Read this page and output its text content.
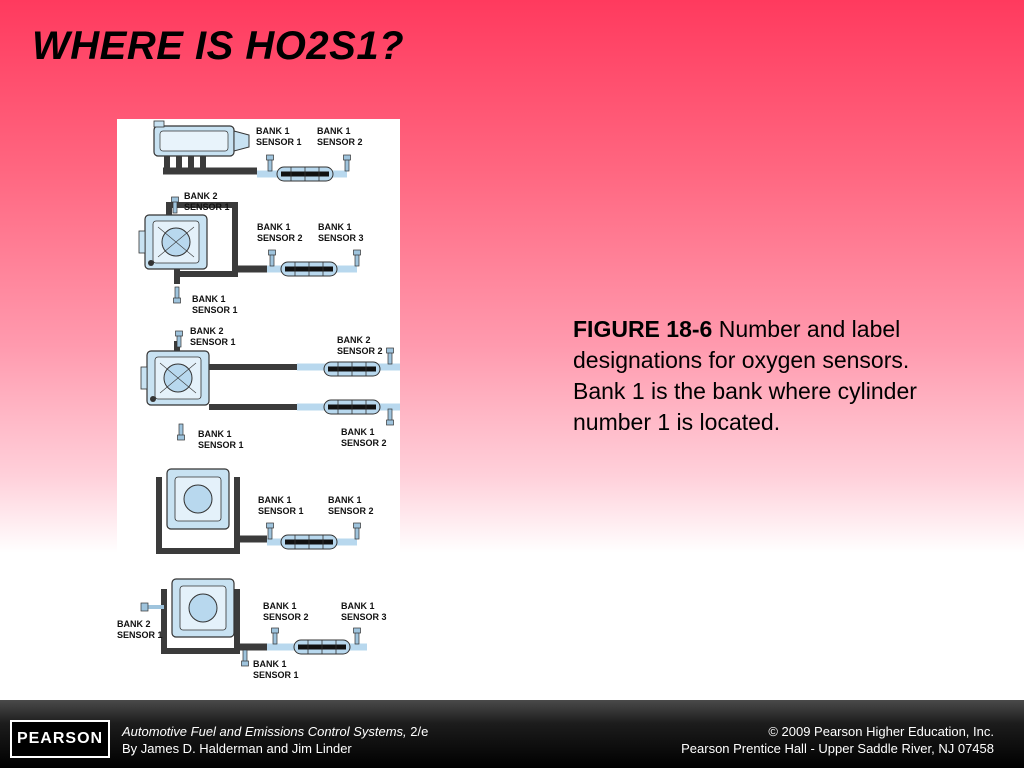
WHERE IS HO2S1?
BANK 1
SENSOR 1
BANK 1
SENSOR 2
BANK 2
SENSOR 1
BANK 1
SENSOR 2
BANK 1
SENSOR 3
BANK 1
SENSOR 1
BANK 2
SENSOR 1	BANK 2
SENSOR 2
BANK 1
SENSOR 1
BANK 1
SENSOR 2
BANK 1
SENSOR 1
BANK 1
SENSOR 2
BANK 1
SENSOR 2
BANK 1
SENSOR 3
BANK 2
SENSOR 1
BANK 1
SENSOR 1
FIGURE 18-6 Number and label designations for oxygen sensors. Bank 1 is the bank where cylinder number 1 is located.
PEARSON	Automotive Fuel and Emissions Control Systems, 2/e
By James D. Halderman and Jim Linder
© 2009 Pearson Higher Education, Inc.
Pearson Prentice Hall - Upper Saddle River, NJ 07458
